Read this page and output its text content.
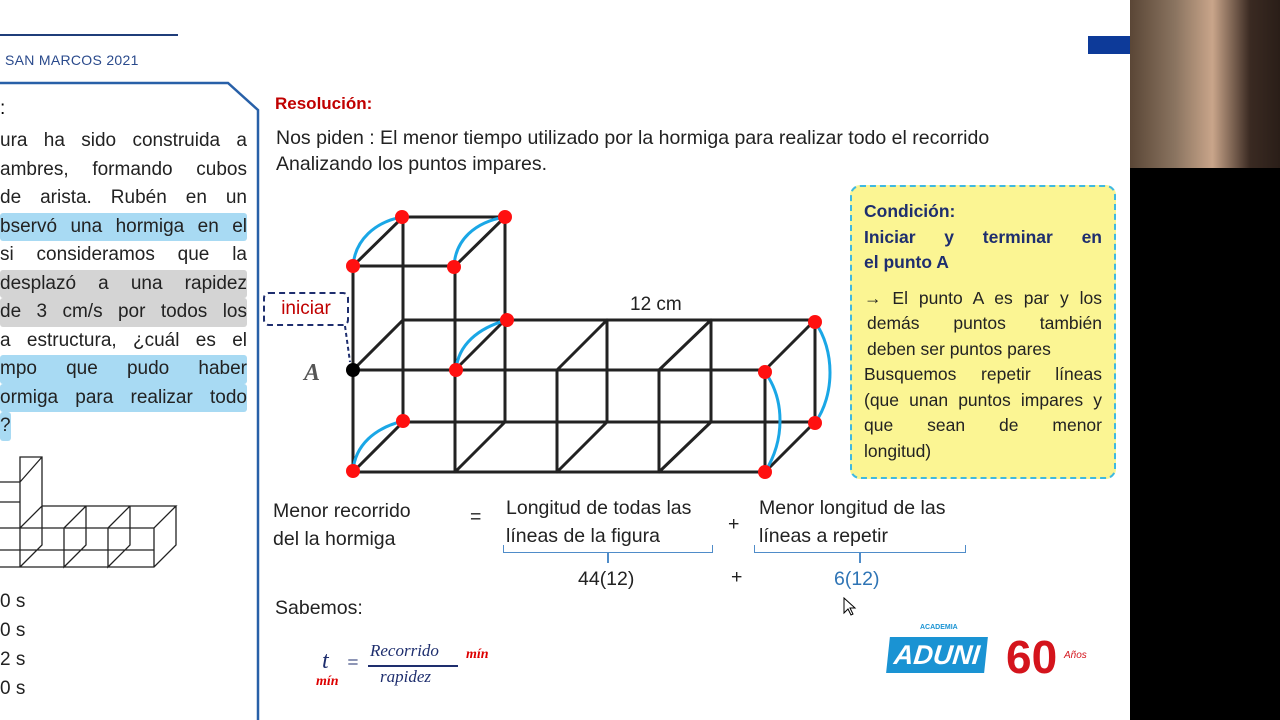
SAN MARCOS 2021
:
ura ha sido construida a
ambres, formando cubos
de arista. Rubén en un
bservó una hormiga en el
si consideramos que la
desplazó a una rapidez
de 3 cm/s por todos los
a estructura, ¿cuál es el
mpo que pudo haber
ormiga para realizar todo
?
0 s
0 s
2 s
0 s
Resolución:
Nos piden : El menor tiempo utilizado por la hormiga para realizar todo el recorrido
Analizando los puntos impares.
iniciar
A
12 cm
Condición:
Iniciar y terminar en
el punto A
→ El punto A es par y los
demás puntos también
deben ser puntos pares
Busquemos repetir líneas
(que unan puntos impares y
que sean de menor
longitud)
Menor recorrido
del la hormiga
= Longitud de todas las
líneas de la figura
+
Menor longitud de las
líneas a repetir
44(12)	+	6(12)
Sabemos:
t
mín
=
Recorrido
rapidez
mín
ACADEMIA
ADUNI 60 Años
